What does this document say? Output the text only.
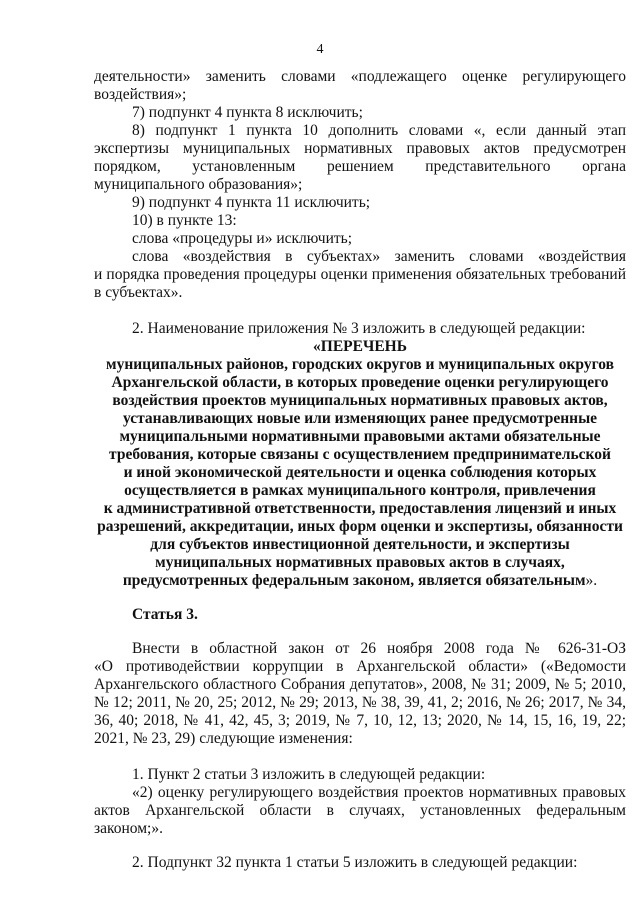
4
деятельности» заменить словами «подлежащего оценке регулирующего
воздействия»;
7) подпункт 4 пункта 8 исключить;
8) подпункт 1 пункта 10 дополнить словами «, если данный этап
экспертизы муниципальных нормативных правовых актов предусмотрен
порядком, установленным решением представительного органа
муниципального образования»;
9) подпункт 4 пункта 11 исключить;
10) в пункте 13:
слова «процедуры и» исключить;
слова «воздействия в субъектах» заменить словами «воздействия
и порядка проведения процедуры оценки применения обязательных требований
в субъектах».
2. Наименование приложения № 3 изложить в следующей редакции:
«ПЕРЕЧЕНЬ
муниципальных районов, городских округов и муниципальных округов
Архангельской области, в которых проведение оценки регулирующего
воздействия проектов муниципальных нормативных правовых актов,
устанавливающих новые или изменяющих ранее предусмотренные
муниципальными нормативными правовыми актами обязательные
требования, которые связаны с осуществлением предпринимательской
и иной экономической деятельности и оценка соблюдения которых
осуществляется в рамках муниципального контроля, привлечения
к административной ответственности, предоставления лицензий и иных
разрешений, аккредитации, иных форм оценки и экспертизы, обязанности
для субъектов инвестиционной деятельности, и экспертизы
муниципальных нормативных правовых актов в случаях,
предусмотренных федеральным законом, является обязательным».
Статья 3.
Внести в областной закон от 26 ноября 2008 года № 626-31-ОЗ
«О противодействии коррупции в Архангельской области» («Ведомости
Архангельского областного Собрания депутатов», 2008, № 31; 2009, № 5; 2010,
№ 12; 2011, № 20, 25; 2012, № 29; 2013, № 38, 39, 41, 2; 2016, № 26; 2017, № 34,
36, 40; 2018, № 41, 42, 45, 3; 2019, № 7, 10, 12, 13; 2020, № 14, 15, 16, 19, 22;
2021, № 23, 29) следующие изменения:
1. Пункт 2 статьи 3 изложить в следующей редакции:
«2) оценку регулирующего воздействия проектов нормативных правовых
актов Архангельской области в случаях, установленных федеральным
законом;».
2. Подпункт 32 пункта 1 статьи 5 изложить в следующей редакции:
